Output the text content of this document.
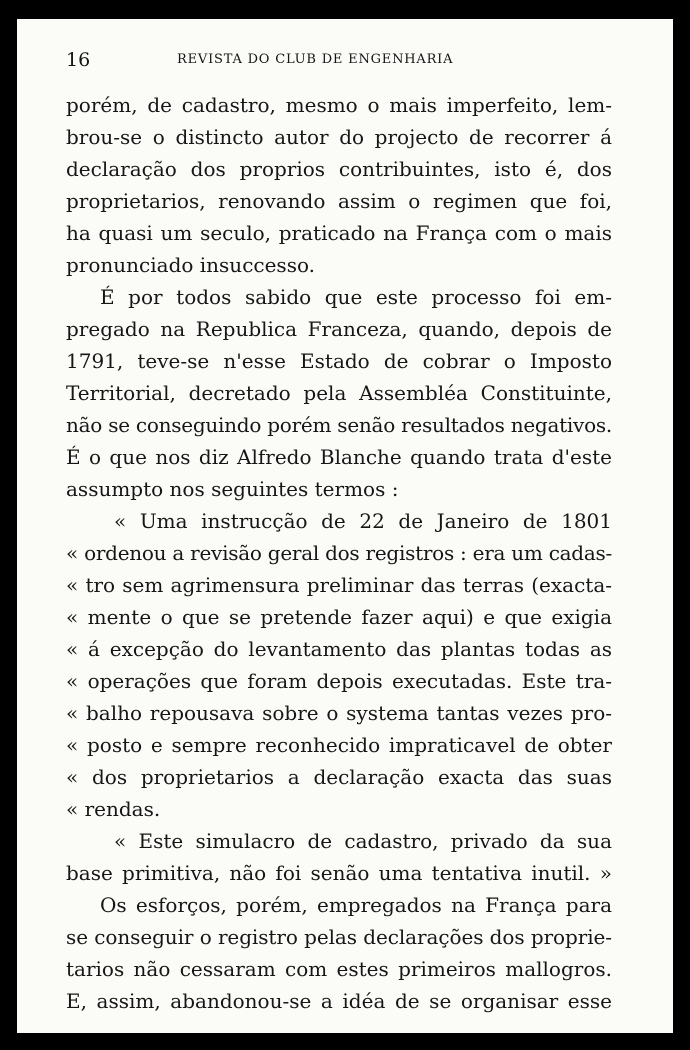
16	REVISTA DO CLUB DE ENGENHARIA
porém, de cadastro, mesmo o mais imperfeito, lem-
brou-se o distincto autor do projecto de recorrer á
declaração dos proprios contribuintes, isto é, dos
proprietarios, renovando assim o regimen que foi,
ha quasi um seculo, praticado na França com o mais
pronunciado insuccesso.
É por todos sabido que este processo foi em-
pregado na Republica Franceza, quando, depois de
1791, teve-se n'esse Estado de cobrar o Imposto
Territorial, decretado pela Assembléa Constituinte,
não se conseguindo porém senão resultados negativos.
É o que nos diz Alfredo Blanche quando trata d'este
assumpto nos seguintes termos :
« Uma instrucção de 22 de Janeiro de 1801
« ordenou a revisão geral dos registros : era um cadas-
« tro sem agrimensura preliminar das terras (exacta-
« mente o que se pretende fazer aqui) e que exigia
« á excepção do levantamento das plantas todas as
« operações que foram depois executadas. Este tra-
« balho repousava sobre o systema tantas vezes pro-
« posto e sempre reconhecido impraticavel de obter
« dos proprietarios a declaração exacta das suas
« rendas.
« Este simulacro de cadastro, privado da sua
base primitiva, não foi senão uma tentativa inutil. »
Os esforços, porém, empregados na França para
se conseguir o registro pelas declarações dos proprie-
tarios não cessaram com estes primeiros mallogros.
E, assim, abandonou-se a idéa de se organisar esse
